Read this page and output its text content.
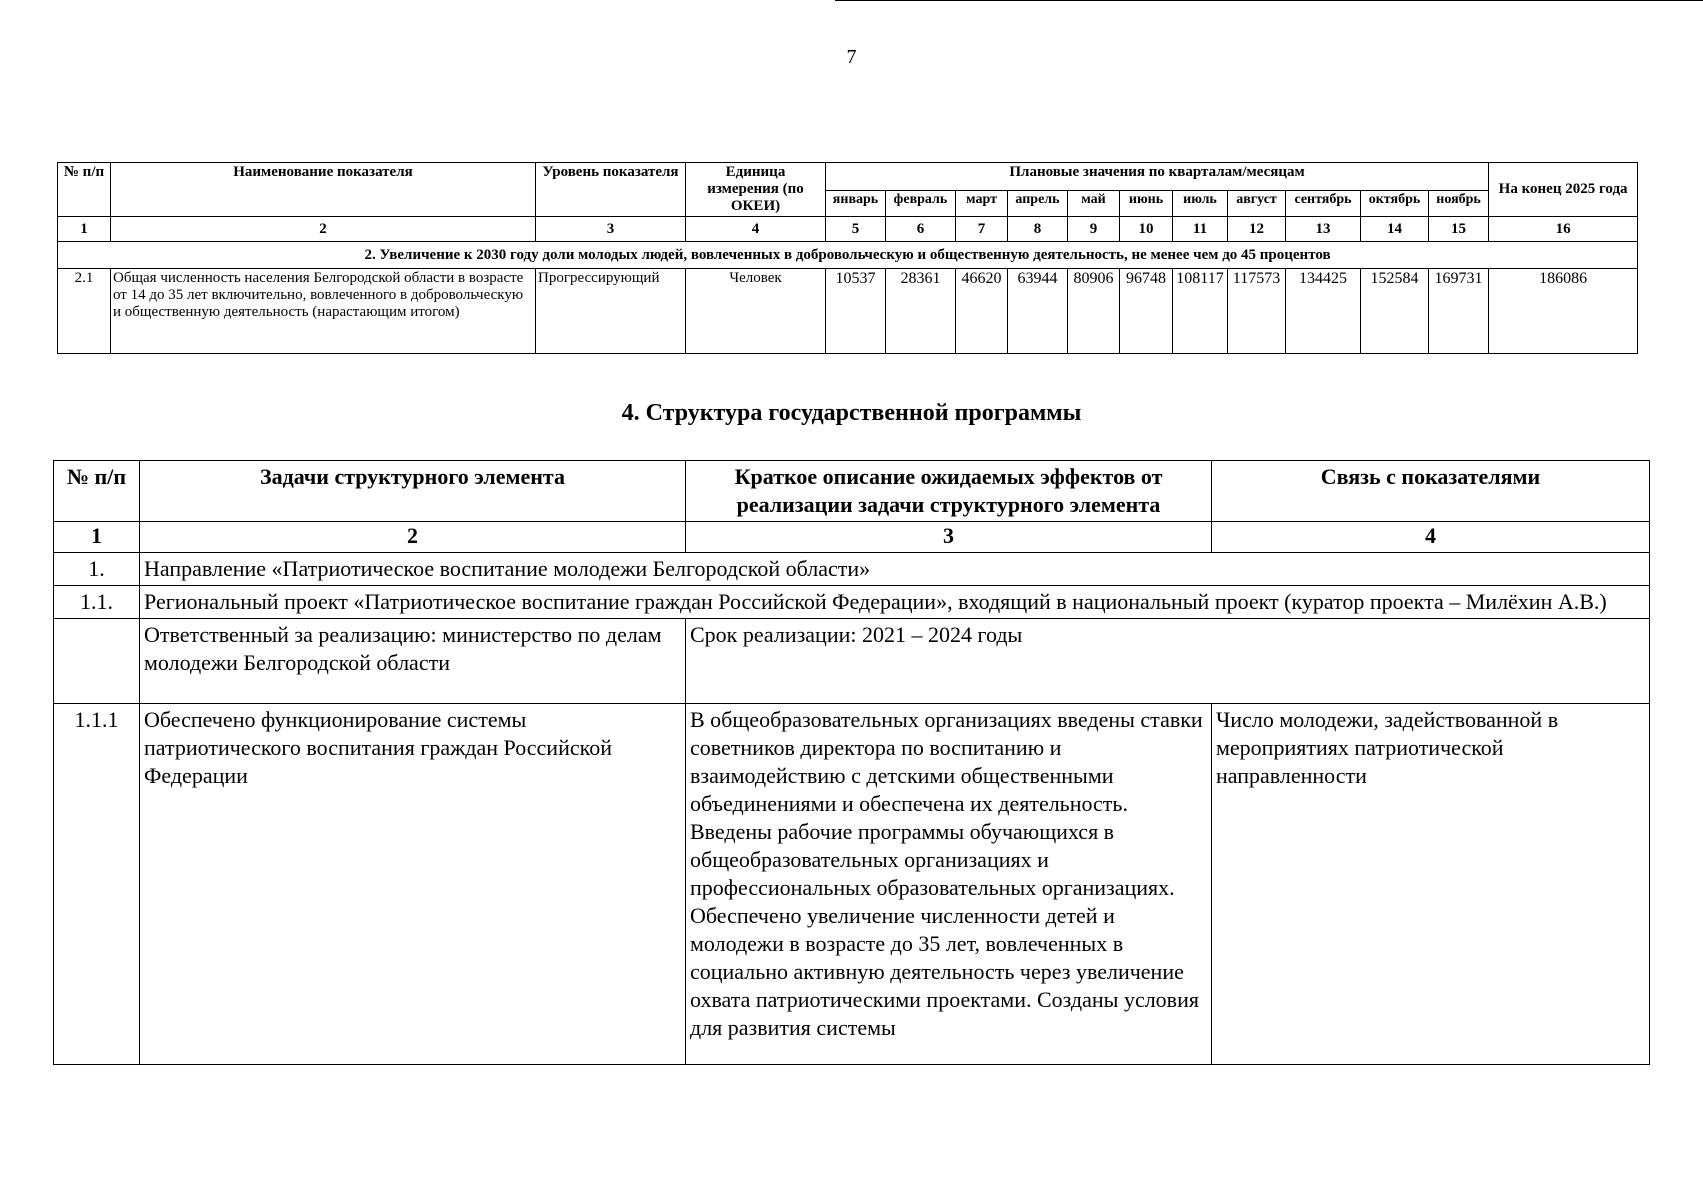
7
№ п/п	Наименование показателя	Уровень показателя	Единица измерения (по ОКЕИ)	Плановые значения по кварталам/месяцам											На конец 2025 года
				январь	февраль	март	апрель	май	июнь	июль	август	сентябрь	октябрь	ноябрь	
1	2	3	4	5	6	7	8	9	10	11	12	13	14	15	16
2. Увеличение к 2030 году доли молодых людей, вовлеченных в добровольческую и общественную деятельность, не менее чем до 45 процентов															
2.1	Общая численность населения Белгородской области в возрасте от 14 до 35 лет включительно, вовлеченного в добровольческую и общественную деятельность (нарастающим итогом)	Прогрессирующий	Человек	10537	28361	46620	63944	80906	96748	108117	117573	134425	152584	169731	186086
4. Структура государственной программы
№ п/п	Задачи структурного элемента	Краткое описание ожидаемых эффектов от реализации задачи структурного элемента	Связь с показателями
1	2	3	4
1.	Направление «Патриотическое воспитание молодежи Белгородской области»		
1.1.	Региональный проект «Патриотическое воспитание граждан Российской Федерации», входящий в национальный проект (куратор проекта – Милёхин А.В.)		
	Ответственный за реализацию: министерство по делам молодежи Белгородской области	Срок реализации: 2021 – 2024 годы	
1.1.1	Обеспечено функционирование системы патриотического воспитания граждан Российской Федерации	В общеобразовательных организациях введены ставки советников директора по воспитанию и взаимодействию с детскими общественными объединениями и обеспечена их деятельность. Введены рабочие программы обучающихся в общеобразовательных организациях и профессиональных образовательных организациях. Обеспечено увеличение численности детей и молодежи в возрасте до 35 лет, вовлеченных в социально активную деятельность через увеличение охвата патриотическими проектами. Созданы условия для развития системы	Число молодежи, задействованной в мероприятиях патриотической направленности
